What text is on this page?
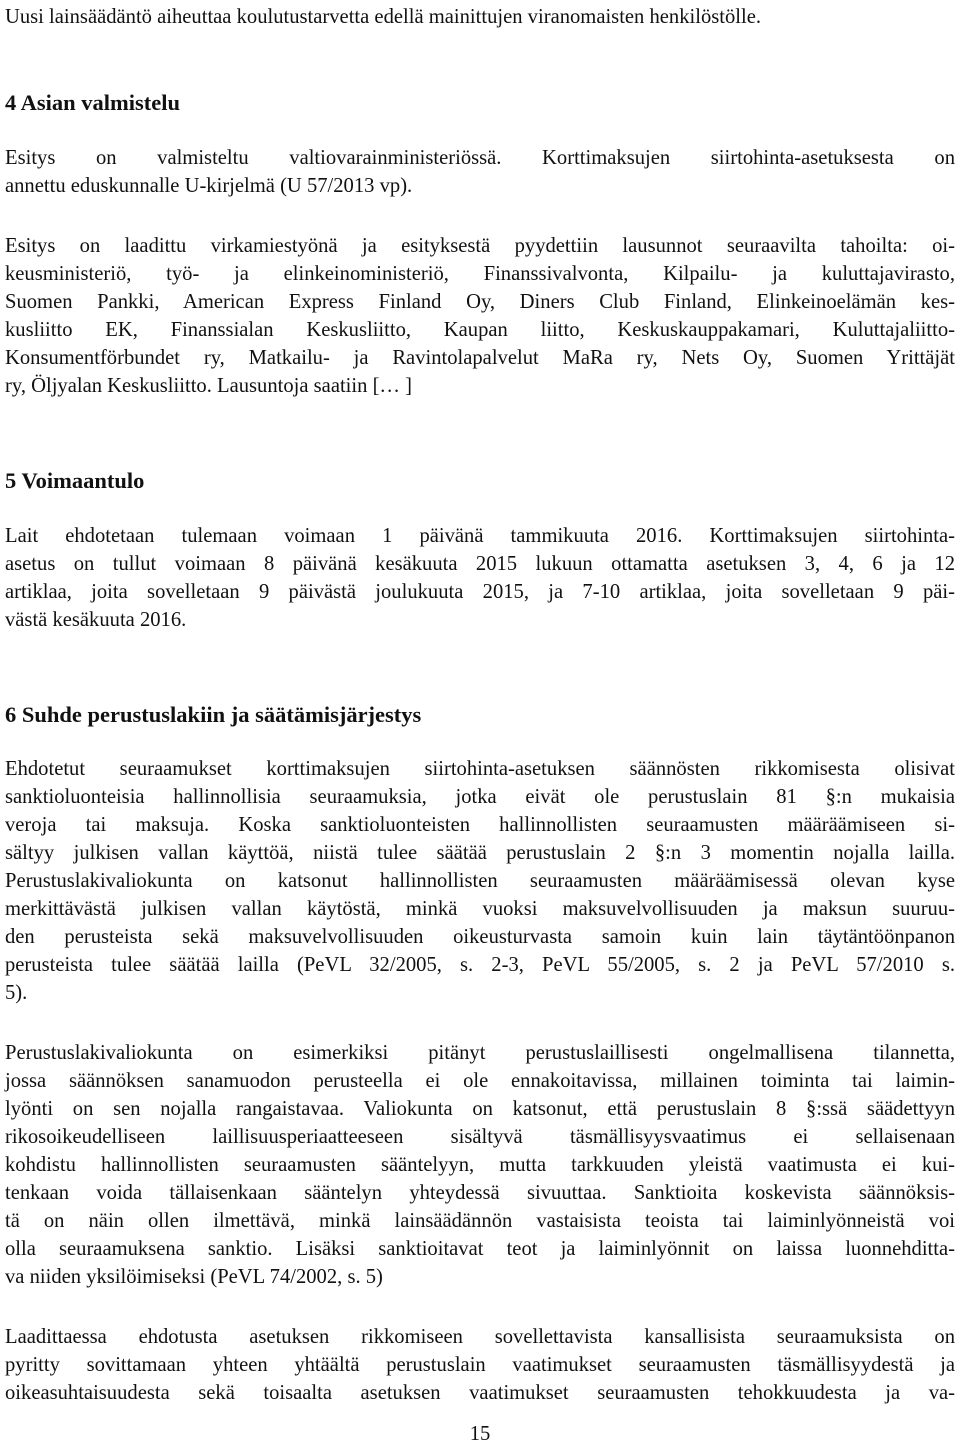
Uusi lainsäädäntö aiheuttaa koulutustarvetta edellä mainittujen viranomaisten henkilöstölle.
4 Asian valmistelu
Esitys on valmisteltu valtiovarainministeriössä. Korttimaksujen siirtohinta-asetuksesta on
annettu eduskunnalle U-kirjelmä (U 57/2013 vp).
Esitys on laadittu virkamiestyönä ja esityksestä pyydettiin lausunnot seuraavilta tahoilta: oi-
keusministeriö, työ- ja elinkeinoministeriö, Finanssivalvonta, Kilpailu- ja kuluttajavirasto,
Suomen Pankki, American Express Finland Oy, Diners Club Finland, Elinkeinoelämän kes-
kusliitto EK, Finanssialan Keskusliitto, Kaupan liitto, Keskuskauppakamari, Kuluttajaliitto-
Konsumentförbundet ry, Matkailu- ja Ravintolapalvelut MaRa ry, Nets Oy, Suomen Yrittäjät
ry, Öljyalan Keskusliitto. Lausuntoja saatiin [… ]
5 Voimaantulo
Lait ehdotetaan tulemaan voimaan 1 päivänä tammikuuta 2016. Korttimaksujen siirtohinta-
asetus on tullut voimaan 8 päivänä kesäkuuta 2015 lukuun ottamatta asetuksen 3, 4, 6 ja 12
artiklaa, joita sovelletaan 9 päivästä joulukuuta 2015, ja 7-10 artiklaa, joita sovelletaan 9 päi-
västä kesäkuuta 2016.
6 Suhde perustuslakiin ja säätämisjärjestys
Ehdotetut seuraamukset korttimaksujen siirtohinta-asetuksen säännösten rikkomisesta olisivat
sanktioluonteisia hallinnollisia seuraamuksia, jotka eivät ole perustuslain 81 §:n mukaisia
veroja tai maksuja. Koska sanktioluonteisten hallinnollisten seuraamusten määräämiseen si-
sältyy julkisen vallan käyttöä, niistä tulee säätää perustuslain 2 §:n 3 momentin nojalla lailla.
Perustuslakivaliokunta on katsonut hallinnollisten seuraamusten määräämisessä olevan kyse
merkittävästä julkisen vallan käytöstä, minkä vuoksi maksuvelvollisuuden ja maksun suuruu-
den perusteista sekä maksuvelvollisuuden oikeusturvasta samoin kuin lain täytäntöönpanon
perusteista tulee säätää lailla (PeVL 32/2005, s. 2-3, PeVL 55/2005, s. 2 ja PeVL 57/2010 s.
5).
Perustuslakivaliokunta on esimerkiksi pitänyt perustuslaillisesti ongelmallisena tilannetta,
jossa säännöksen sanamuodon perusteella ei ole ennakoitavissa, millainen toiminta tai laimin-
lyönti on sen nojalla rangaistavaa. Valiokunta on katsonut, että perustuslain 8 §:ssä säädettyyn
rikosoikeudelliseen laillisuusperiaatteeseen sisältyvä täsmällisyysvaatimus ei sellaisenaan
kohdistu hallinnollisten seuraamusten sääntelyyn, mutta tarkkuuden yleistä vaatimusta ei kui-
tenkaan voida tällaisenkaan sääntelyn yhteydessä sivuuttaa. Sanktioita koskevista säännöksis-
tä on näin ollen ilmettävä, minkä lainsäädännön vastaisista teoista tai laiminlyönneistä voi
olla seuraamuksena sanktio. Lisäksi sanktioitavat teot ja laiminlyönnit on laissa luonnehditta-
va niiden yksilöimiseksi (PeVL 74/2002, s. 5)
Laadittaessa ehdotusta asetuksen rikkomiseen sovellettavista kansallisista seuraamuksista on
pyritty sovittamaan yhteen yhtäältä perustuslain vaatimukset seuraamusten täsmällisyydestä ja
oikeasuhtaisuudesta sekä toisaalta asetuksen vaatimukset seuraamusten tehokkuudesta ja va-
15
